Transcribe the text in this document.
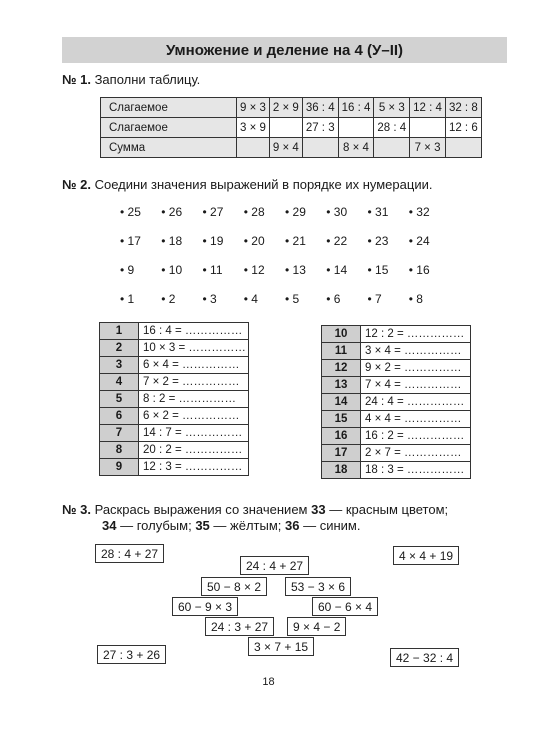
Умножение и деление на 4 (У–II)
№ 1. Заполни таблицу.
Слагаемое	9 × 3	2 × 9	36 : 4	16 : 4	5 × 3	12 : 4	32 : 8
Слагаемое	3 × 9		27 : 3		28 : 4		12 : 6
Сумма		9 × 4		8 × 4		7 × 3	
№ 2. Соедини значения выражений в порядке их нумерации.
• 25	• 26	• 27	• 28	• 29	• 30	• 31	• 32
• 17	• 18	• 19	• 20	• 21	• 22	• 23	• 24
• 9	• 10	• 11	• 12	• 13	• 14	• 15	• 16
• 1	• 2	• 3	• 4	• 5	• 6	• 7	• 8
1	16 : 4 = ……………
2	10 × 3 = ……………
3	6 × 4 = ……………
4	7 × 2 = ……………
5	8 : 2 = ……………
6	6 × 2 = ……………
7	14 : 7 = ……………
8	20 : 2 = ……………
9	12 : 3 = ……………
10	12 : 2 = ……………
11	3 × 4 = ……………
12	9 × 2 = ……………
13	7 × 4 = ……………
14	24 : 4 = ……………
15	4 × 4 = ……………
16	16 : 2 = ……………
17	2 × 7 = ……………
18	18 : 3 = ……………
№ 3. Раскрась выражения со значением 33 — красным цветом;
34 — голубым; 35 — жёлтым; 36 — синим.
28 : 4 + 27
24 : 4 + 27
4 × 4 + 19
50 − 8 × 2	53 − 3 × 6
60 − 9 × 3	60 − 6 × 4
24 : 3 + 27	9 × 4 − 2
3 × 7 + 15
27 : 3 + 26	42 − 32 : 4
18
